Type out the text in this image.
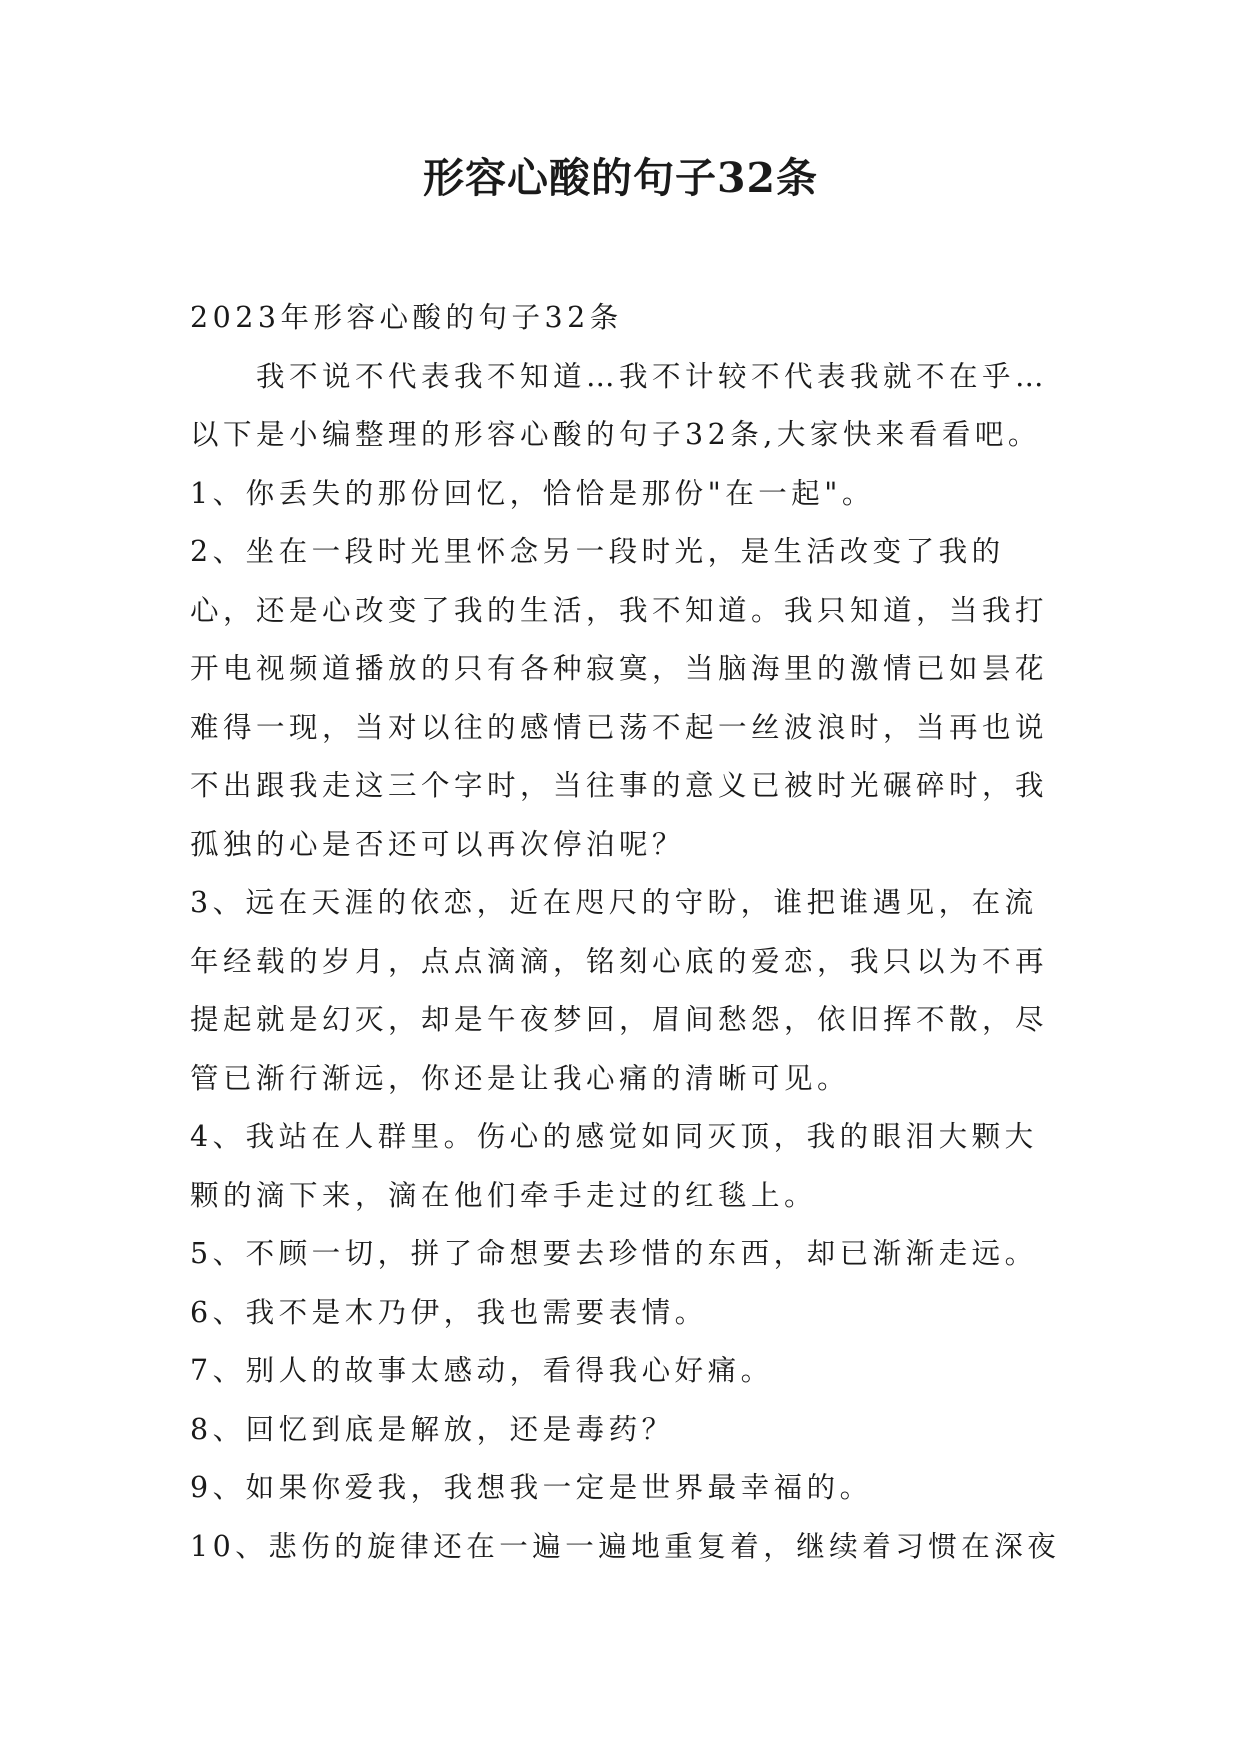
形容心酸的句子32条

2023年形容心酸的句子32条

我不说不代表我不知道…我不计较不代表我就不在乎…以下是小编整理的形容心酸的句子32条,大家快来看看吧。

1、你丢失的那份回忆，恰恰是那份"在一起"。

2、坐在一段时光里怀念另一段时光，是生活改变了我的心，还是心改变了我的生活，我不知道。我只知道，当我打开电视频道播放的只有各种寂寞，当脑海里的激情已如昙花难得一现，当对以往的感情已荡不起一丝波浪时，当再也说不出跟我走这三个字时，当往事的意义已被时光碾碎时，我孤独的心是否还可以再次停泊呢？

3、远在天涯的依恋，近在咫尺的守盼，谁把谁遇见，在流年经载的岁月，点点滴滴，铭刻心底的爱恋，我只以为不再提起就是幻灭，却是午夜梦回，眉间愁怨，依旧挥不散，尽管已渐行渐远，你还是让我心痛的清晰可见。

4、我站在人群里。伤心的感觉如同灭顶，我的眼泪大颗大颗的滴下来，滴在他们牵手走过的红毯上。

5、不顾一切，拼了命想要去珍惜的东西，却已渐渐走远。

6、我不是木乃伊，我也需要表情。

7、别人的故事太感动，看得我心好痛。

8、回忆到底是解放，还是毒药？

9、如果你爱我，我想我一定是世界最幸福的。

10、悲伤的旋律还在一遍一遍地重复着，继续着习惯在深夜
